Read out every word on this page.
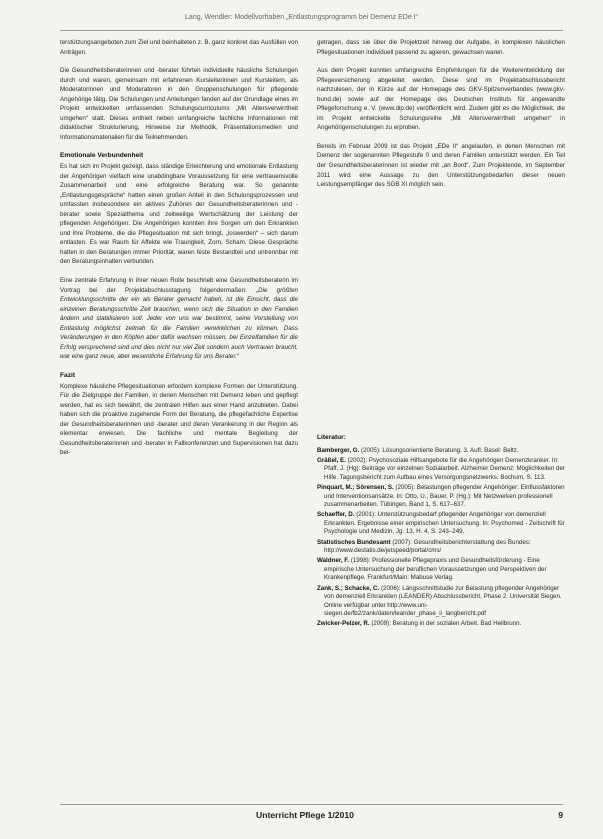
Lang, Wendler: Modellvorhaben „Entlastungsprogramm bei Demenz EDe I“

terstützungsangeboten zum Ziel und beinhalteten z. B. ganz konkret das Ausfüllen von Anträgen.

Die Gesundheitsberaterinnen und -berater führten individuelle häusliche Schulungen durch und waren, gemeinsam mit erfahrenen Kursleiterinnen und Kursleitern, als Moderatorinnen und Moderatoren in den Gruppenschulungen für pflegende Angehörige tätig. Die Schulungen und Anleitungen fanden auf der Grundlage eines im Projekt entwickelten umfassenden Schulungscurriculums „Mit Altersverwirrtheit umgehen“ statt. Dieses enthielt neben umfangreiche fachliche Informationen mit didaktischer Strukturierung, Hinweise zur Methodik, Präsentationsmedien und Informationsmaterialien für die Teilnehmenden.

Emotionale Verbundenheit

Es hat sich im Projekt gezeigt, dass ständige Erleichterung und emotionale Entlastung der Angehörigen vielfach eine unabdingbare Voraussetzung für eine vertrauensvolle Zusammenarbeit und eine erfolgreiche Beratung war. So genannte „Entlastungsgespräche“ hatten einen großen Anteil in den Schulungsprozessen und umfassten insbesondere ein aktives Zuhören der Gesundheitsberaterinnen und -berater sowie Spezialthema und zeitweilige Wertschätzung der Leistung der pflegenden Angehörigen. Die Angehörigen konnten ihre Sorgen um den Erkrankten und ihre Probleme, die die Pflegesituation mit sich bringt, „loswerden“ – sich darum entlasten. Es war Raum für Affekte wie Traurigkeit, Zorn, Scham. Diese Gespräche hatten in den Beratungen immer Priorität, waren feste Bestandteil und untrennbar mit den Beratungsinhalten verbunden.

Eine zentrale Erfahrung in ihrer neuen Rolle beschrieb eine Gesundheitsberaterin im Vortrag bei der Projektabschlusstagung folgendermaßen: „Die größten Entwicklungsschritte der ein als Berater gemacht haben, ist die Einsicht, dass die einzelnen Beratungsschritte Zeit brauchen, wenn sich die Situation in den Familien ändern und stabilisieren soll. Jeder von uns war bestimmt, seine Vorstellung von Entlastung möglichst zeitnah für die Familien verwirklichen zu können. Dass Veränderungen in den Köpfen aber dafür wachsen müssen, bei Einzelfamilien für die Erfolg versprechend sind und dies nicht nur viel Zeit sondern auch Vertrauen braucht, war eine ganz neue, aber wesentliche Erfahrung für uns Berater.“

Fazit

Komplexe häusliche Pflegesituationen erfordern komplexe Formen der Unterstützung. Für die Zielgruppe der Familien, in denen Menschen mit Demenz leben und gepflegt werden, hat es sich bewährt, die zentralen Hilfen aus einer Hand anzubieten. Dabei haben sich die proaktive zugehende Form der Beratung, die pflegefachliche Expertise der Gesundheitsberaterinnen und -berater und deren Verankerung in der Region als elementar erwiesen. Die fachliche und mentale Begleitung der Gesundheitsberaterinnen und -berater in Fallkonferenzen und Supervisionen hat dazu bei-

getragen, dass sie über die Projektzeit hinweg der Aufgabe, in komplexen häuslichen Pflegesituationen individuell passend zu agieren, gewachsen waren.

Aus dem Projekt konnten umfangreiche Empfehlungen für die Weiterentwicklung der Pflegeversicherung abgeleitet werden. Diese sind im Projektabschlussbericht nachzulesen, der in Kürze auf der Homepage des GKV-Spitzenverbandes (www.gkv-bund.de) sowie auf der Homepage des Deutschen Instituts für angewandte Pflegeforschung e. V. (www.dip.de) veröffentlicht wird. Zudem gibt es die Möglichkeit, die im Projekt entwickelte Schulungsreihe „Mit Altersverwirrtheit umgehen“ in Angehörigenschulungen zu erproben.

Bereits im Februar 2009 ist das Projekt „EDe II“ angelaufen, in denen Menschen mit Demenz der sogenannten Pflegestufe 0 und deren Familien unterstützt werden. Ein Teil der Gesundheitsberaterinnen ist wieder mit „an Bord“. Zum Projektende, im September 2011 wird eine Aussage zu den Unterstützungsbedarfen dieser neuen Leistungsempfänger des SGB XI möglich sein.

Literatur:
Bamberger, G. (2005): Lösungsorientierte Beratung. 3. Aufl. Basel: Beltz.
Gräßel, E. (2002): Psychosoziale Hilfsangebote für die Angehörigen Demenzkranker. In: Pfaff, J. (Hg): Beiträge vor einzelnen Sozialarbeit. Alzheimer Demenz: Möglichkeiten der Hilfe. Tagungsbericht zum Aufbau eines Versorgungsnetzwerks. Bochum, S. 113.
Pinquart, M.; Sörensen, S. (2005): Belastungen pflegender Angehöriger: Einflussfaktoren und Interventionsansätze. In: Otto, U.; Bauer, P. (Hg.): Mit Netzwerken professionell zusammenarbeiten. Tübingen, Band 1, S. 617–637.
Schaeffer, D. (2001): Unterstützungsbedarf pflegender Angehöriger von demenziell Erkrankten. Ergebnisse einer empirischen Untersuchung. In: Psychomed - Zeitschrift für Psychologie und Medizin, Jg. 13, H. 4, S. 243–249.
Statistisches Bundesamt (2007): Gesundheitsberichterstattung des Bundes: http://www.destatis.de/jetspeed/portal/cms/
Waldner, F. (1998): Professionelle Pflegepraxis und Gesundheitsförderung - Eine empirische Untersuchung der beruflichen Voraussetzungen und Perspektiven der Krankenpflege. Frankfurt/Main: Mabuse Verlag.
Zank, S.; Schacke, C. (2006): Längsschnittstudie zur Belastung pflegender Angehöriger von demenziell Erkrankten (LEANDER) Abschlussbericht, Phase 2. Universität Siegen. Online verfügbar unter http://www.uni-siegen.de/fb2/zank/daten/leander_phase_ii_langbericht.pdf
Zwicker-Pelzer, R. (2009): Beratung in der sozialen Arbeit. Bad Heilbrunn.
Unterricht Pflege 1/2010	9
